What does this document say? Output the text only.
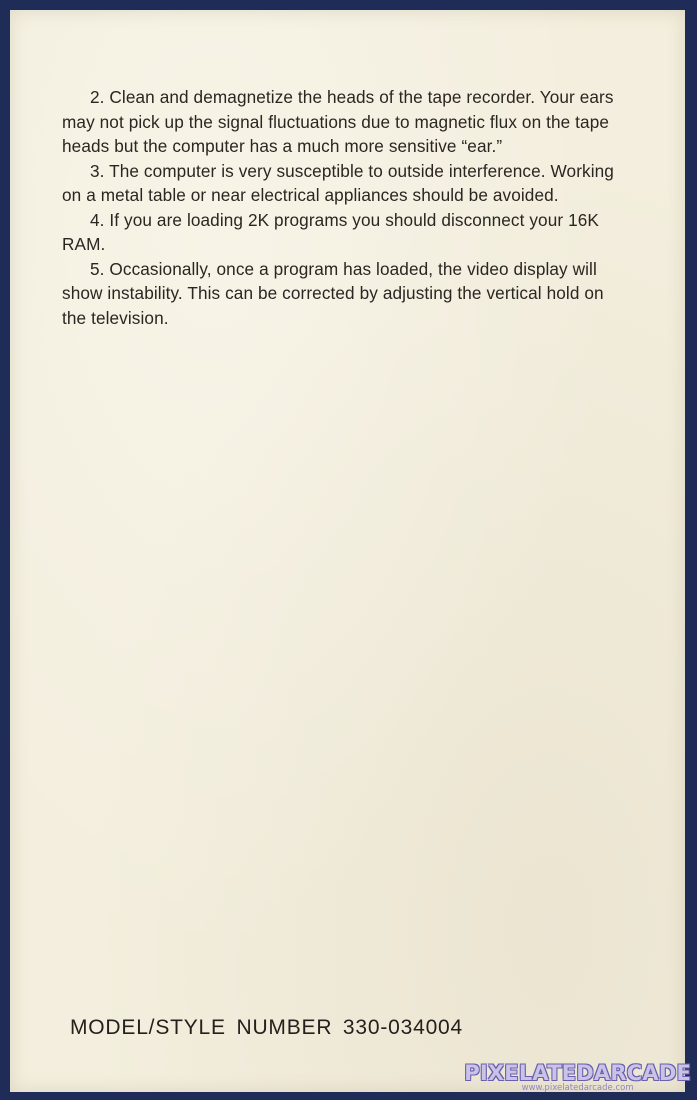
2. Clean and demagnetize the heads of the tape recorder. Your ears may not pick up the signal fluctuations due to magnetic flux on the tape heads but the computer has a much more sensitive “ear.”

3. The computer is very susceptible to outside interference. Working on a metal table or near electrical appliances should be avoided.

4. If you are loading 2K programs you should disconnect your 16K RAM.

5. Occasionally, once a program has loaded, the video display will show instability. This can be corrected by adjusting the vertical hold on the television.

MODEL/STYLE NUMBER 330-034004
PIXELATEDARCADE
www.pixelatedarcade.com
